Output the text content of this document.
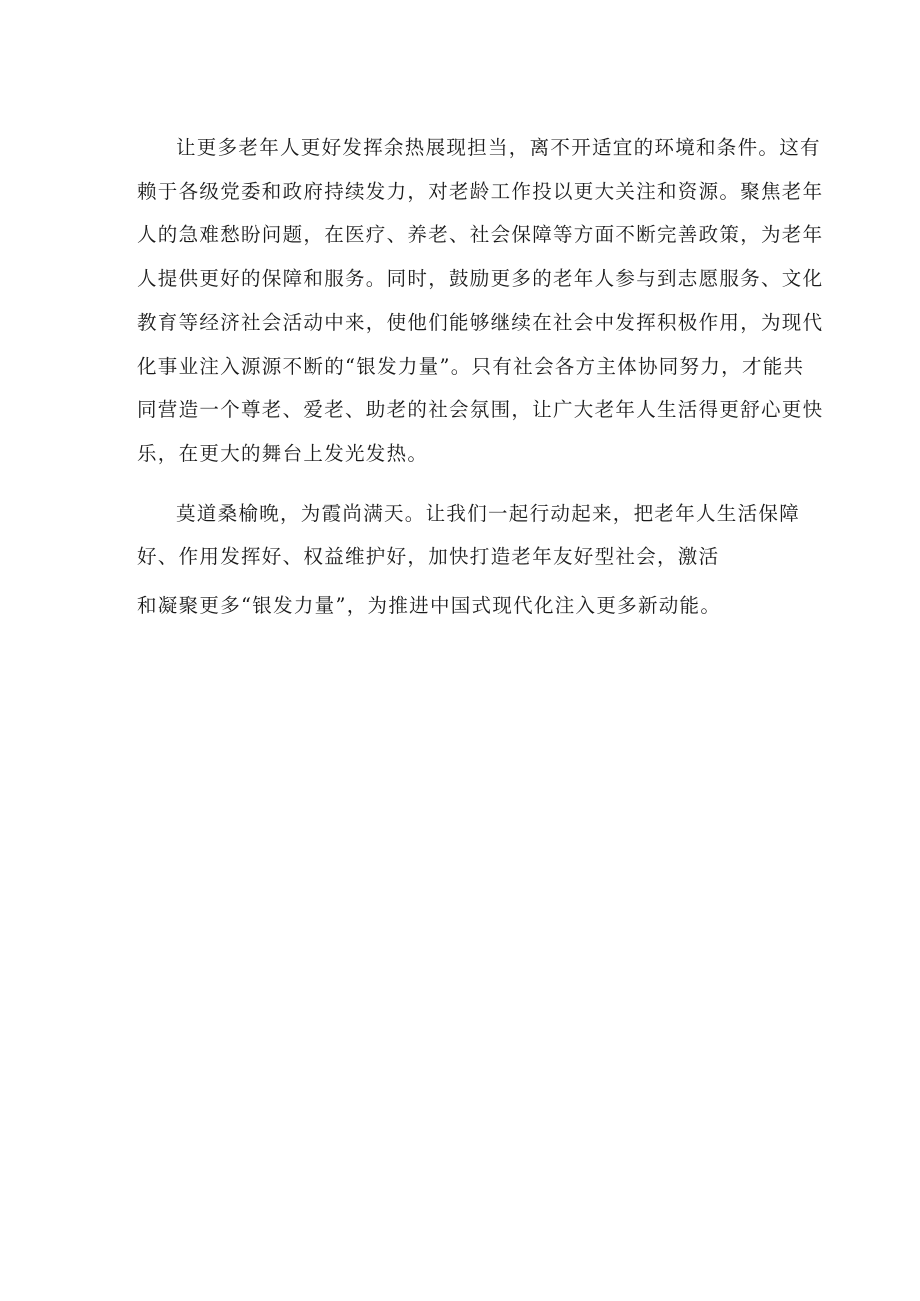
让更多老年人更好发挥余热展现担当，离不开适宜的环境和条件。这有
赖于各级党委和政府持续发力，对老龄工作投以更大关注和资源。聚焦老年
人的急难愁盼问题，在医疗、养老、社会保障等方面不断完善政策，为老年
人提供更好的保障和服务。同时，鼓励更多的老年人参与到志愿服务、文化
教育等经济社会活动中来，使他们能够继续在社会中发挥积极作用，为现代
化事业注入源源不断的“银发力量”。只有社会各方主体协同努力，才能共
同营造一个尊老、爱老、助老的社会氛围，让广大老年人生活得更舒心更快
乐，在更大的舞台上发光发热。

莫道桑榆晚，为霞尚满天。让我们一起行动起来，把老年人生活保障
好、作用发挥好、权益维护好，加快打造老年友好型社会，激活

和凝聚更多“银发力量”，为推进中国式现代化注入更多新动能。
